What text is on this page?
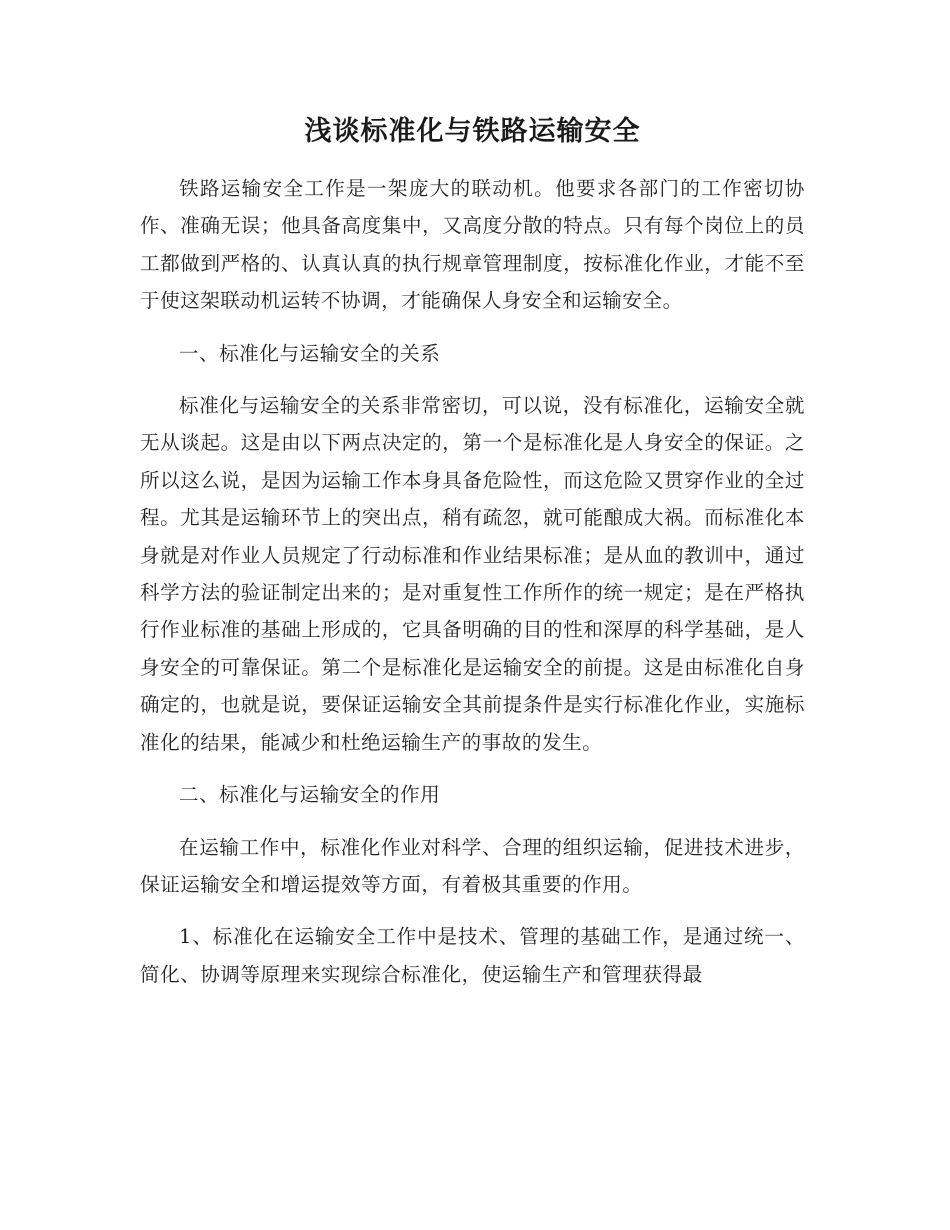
浅谈标准化与铁路运输安全

铁路运输安全工作是一架庞大的联动机。他要求各部门的工作密切协作、准确无误；他具备高度集中，又高度分散的特点。只有每个岗位上的员工都做到严格的、认真认真的执行规章管理制度，按标准化作业，才能不至于使这架联动机运转不协调，才能确保人身安全和运输安全。

一、标准化与运输安全的关系

标准化与运输安全的关系非常密切，可以说，没有标准化，运输安全就无从谈起。这是由以下两点决定的，第一个是标准化是人身安全的保证。之所以这么说，是因为运输工作本身具备危险性，而这危险又贯穿作业的全过程。尤其是运输环节上的突出点，稍有疏忽，就可能酿成大祸。而标准化本身就是对作业人员规定了行动标准和作业结果标准；是从血的教训中，通过科学方法的验证制定出来的；是对重复性工作所作的统一规定；是在严格执行作业标准的基础上形成的，它具备明确的目的性和深厚的科学基础，是人身安全的可靠保证。第二个是标准化是运输安全的前提。这是由标准化自身确定的，也就是说，要保证运输安全其前提条件是实行标准化作业，实施标准化的结果，能减少和杜绝运输生产的事故的发生。

二、标准化与运输安全的作用

在运输工作中，标准化作业对科学、合理的组织运输，促进技术进步，保证运输安全和增运提效等方面，有着极其重要的作用。

1、标准化在运输安全工作中是技术、管理的基础工作，是通过统一、简化、协调等原理来实现综合标准化，使运输生产和管理获得最
